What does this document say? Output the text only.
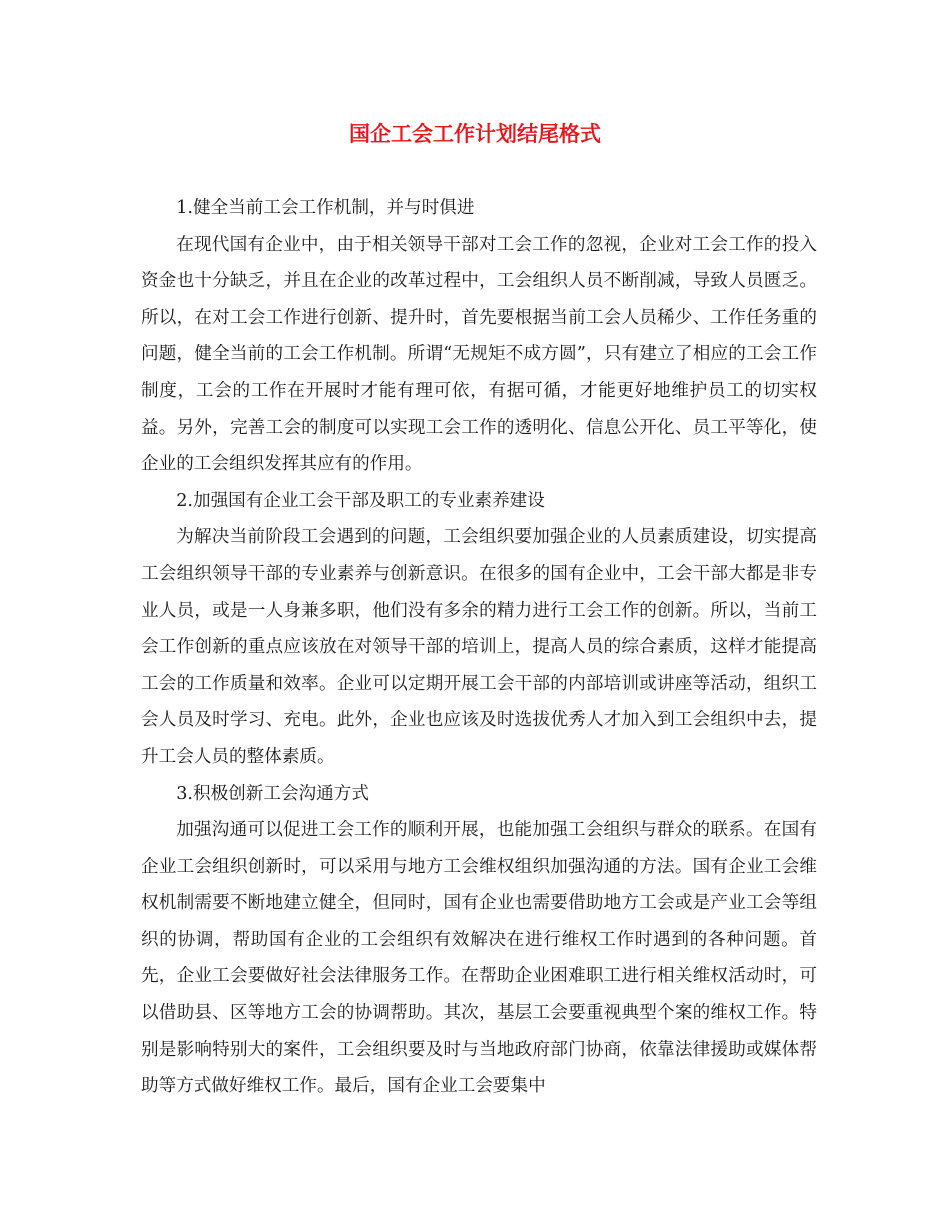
国企工会工作计划结尾格式

1.健全当前工会工作机制，并与时俱进

在现代国有企业中，由于相关领导干部对工会工作的忽视，企业对工会工作的投入资金也十分缺乏，并且在企业的改革过程中，工会组织人员不断削减，导致人员匮乏。所以，在对工会工作进行创新、提升时，首先要根据当前工会人员稀少、工作任务重的问题，健全当前的工会工作机制。所谓“无规矩不成方圆”，只有建立了相应的工会工作制度，工会的工作在开展时才能有理可依，有据可循，才能更好地维护员工的切实权益。另外，完善工会的制度可以实现工会工作的透明化、信息公开化、员工平等化，使企业的工会组织发挥其应有的作用。

2.加强国有企业工会干部及职工的专业素养建设

为解决当前阶段工会遇到的问题，工会组织要加强企业的人员素质建设，切实提高工会组织领导干部的专业素养与创新意识。在很多的国有企业中，工会干部大都是非专业人员，或是一人身兼多职，他们没有多余的精力进行工会工作的创新。所以，当前工会工作创新的重点应该放在对领导干部的培训上，提高人员的综合素质，这样才能提高工会的工作质量和效率。企业可以定期开展工会干部的内部培训或讲座等活动，组织工会人员及时学习、充电。此外，企业也应该及时选拔优秀人才加入到工会组织中去，提升工会人员的整体素质。

3.积极创新工会沟通方式

加强沟通可以促进工会工作的顺利开展，也能加强工会组织与群众的联系。在国有企业工会组织创新时，可以采用与地方工会维权组织加强沟通的方法。国有企业工会维权机制需要不断地建立健全，但同时，国有企业也需要借助地方工会或是产业工会等组织的协调，帮助国有企业的工会组织有效解决在进行维权工作时遇到的各种问题。首先，企业工会要做好社会法律服务工作。在帮助企业困难职工进行相关维权活动时，可以借助县、区等地方工会的协调帮助。其次，基层工会要重视典型个案的维权工作。特别是影响特别大的案件，工会组织要及时与当地政府部门协商，依靠法律援助或媒体帮助等方式做好维权工作。最后，国有企业工会要集中
